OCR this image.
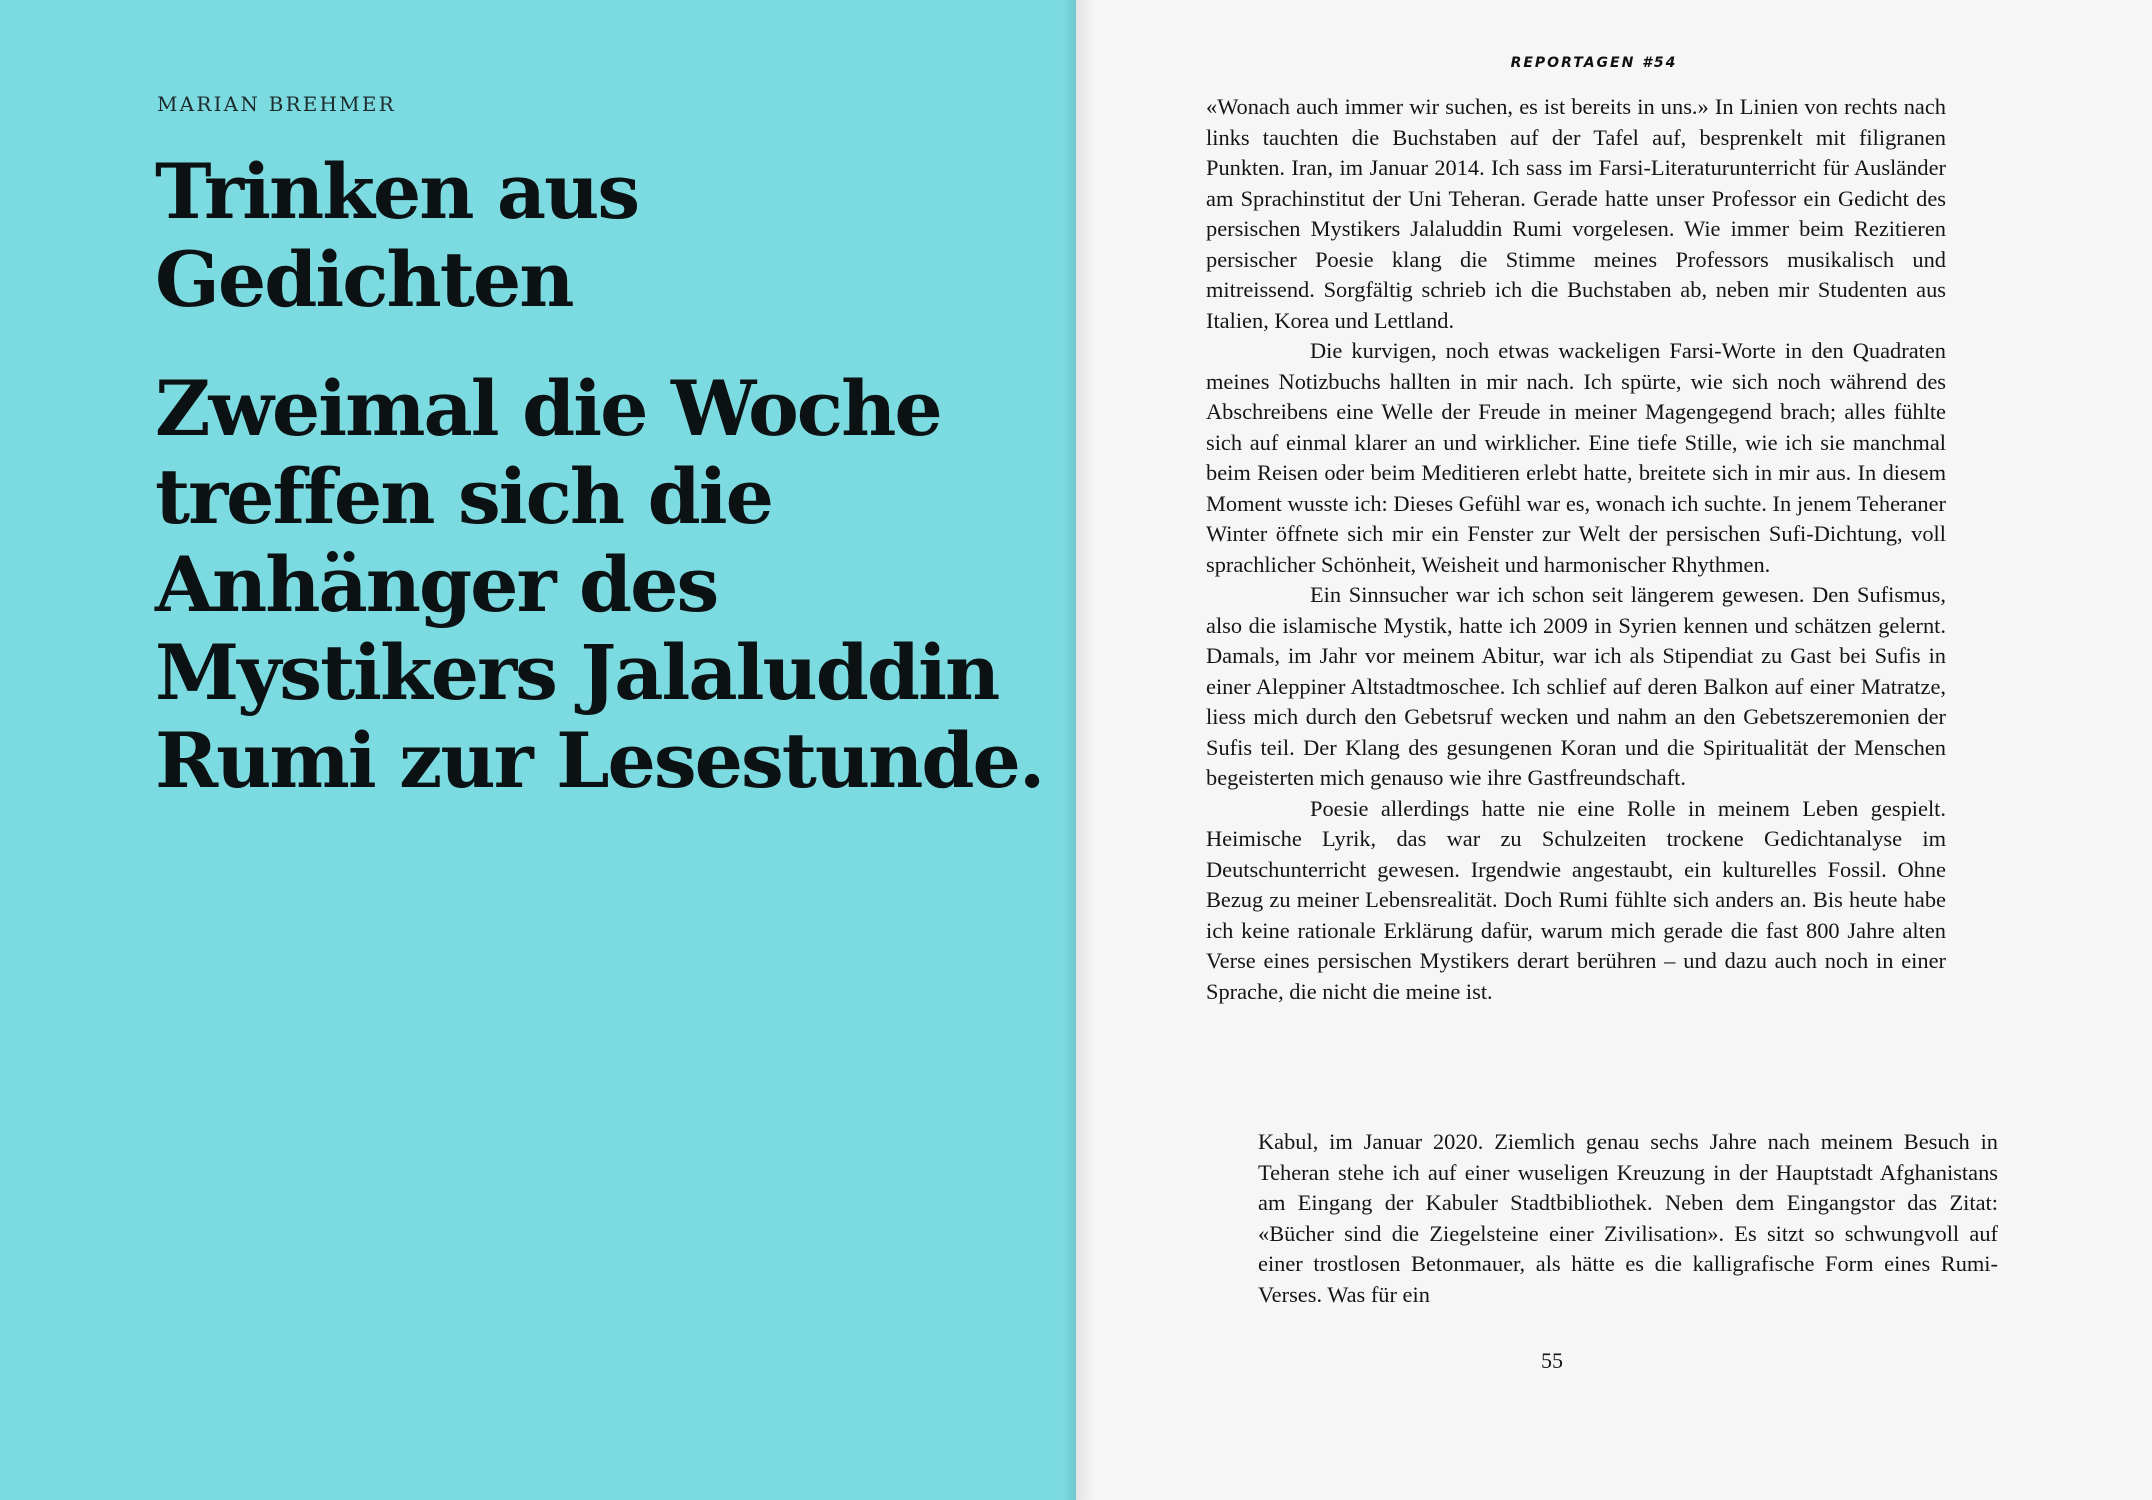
MARIAN BREHMER
Trinken aus Gedichten
Zweimal die Woche treffen sich die Anhänger des Mystikers Jalaluddin Rumi zur Lesestunde.
REPORTAGEN #54

«Wonach auch immer wir suchen, es ist bereits in uns.» In Linien von rechts nach links tauchten die Buchstaben auf der Tafel auf, besprenkelt mit filigranen Punkten. Iran, im Januar 2014. Ich sass im Farsi-Literaturunterricht für Ausländer am Sprachinstitut der Uni Teheran. Gerade hatte unser Professor ein Gedicht des persischen Mystikers Jalaluddin Rumi vorgelesen. Wie immer beim Rezitieren persischer Poesie klang die Stimme meines Professors musikalisch und mitreissend. Sorgfältig schrieb ich die Buchstaben ab, neben mir Studenten aus Italien, Korea und Lettland.

Die kurvigen, noch etwas wackeligen Farsi-Worte in den Quadraten meines Notizbuchs hallten in mir nach. Ich spürte, wie sich noch während des Abschreibens eine Welle der Freude in meiner Magengegend brach; alles fühlte sich auf einmal klarer an und wirklicher. Eine tiefe Stille, wie ich sie manchmal beim Reisen oder beim Meditieren erlebt hatte, breitete sich in mir aus. In diesem Moment wusste ich: Dieses Gefühl war es, wonach ich suchte. In jenem Teheraner Winter öffnete sich mir ein Fenster zur Welt der persischen Sufi-Dichtung, voll sprachlicher Schönheit, Weisheit und harmonischer Rhythmen.

Ein Sinnsucher war ich schon seit längerem gewesen. Den Sufismus, also die islamische Mystik, hatte ich 2009 in Syrien kennen und schätzen gelernt. Damals, im Jahr vor meinem Abitur, war ich als Stipendiat zu Gast bei Sufis in einer Aleppiner Altstadtmoschee. Ich schlief auf deren Balkon auf einer Matratze, liess mich durch den Gebetsruf wecken und nahm an den Gebetszeremonien der Sufis teil. Der Klang des gesungenen Koran und die Spiritualität der Menschen begeisterten mich genauso wie ihre Gastfreundschaft.

Poesie allerdings hatte nie eine Rolle in meinem Leben gespielt. Heimische Lyrik, das war zu Schulzeiten trockene Gedichtanalyse im Deutschunterricht gewesen. Irgendwie angestaubt, ein kulturelles Fossil. Ohne Bezug zu meiner Lebensrealität. Doch Rumi fühlte sich anders an. Bis heute habe ich keine rationale Erklärung dafür, warum mich gerade die fast 800 Jahre alten Verse eines persischen Mystikers derart berühren – und dazu auch noch in einer Sprache, die nicht die meine ist.

Kabul, im Januar 2020. Ziemlich genau sechs Jahre nach meinem Besuch in Teheran stehe ich auf einer wuseligen Kreuzung in der Hauptstadt Afghanistans am Eingang der Kabuler Stadtbibliothek. Neben dem Eingangstor das Zitat: «Bücher sind die Ziegelsteine einer Zivilisation». Es sitzt so schwungvoll auf einer trostlosen Betonmauer, als hätte es die kalligrafische Form eines Rumi-Verses. Was für ein

55
